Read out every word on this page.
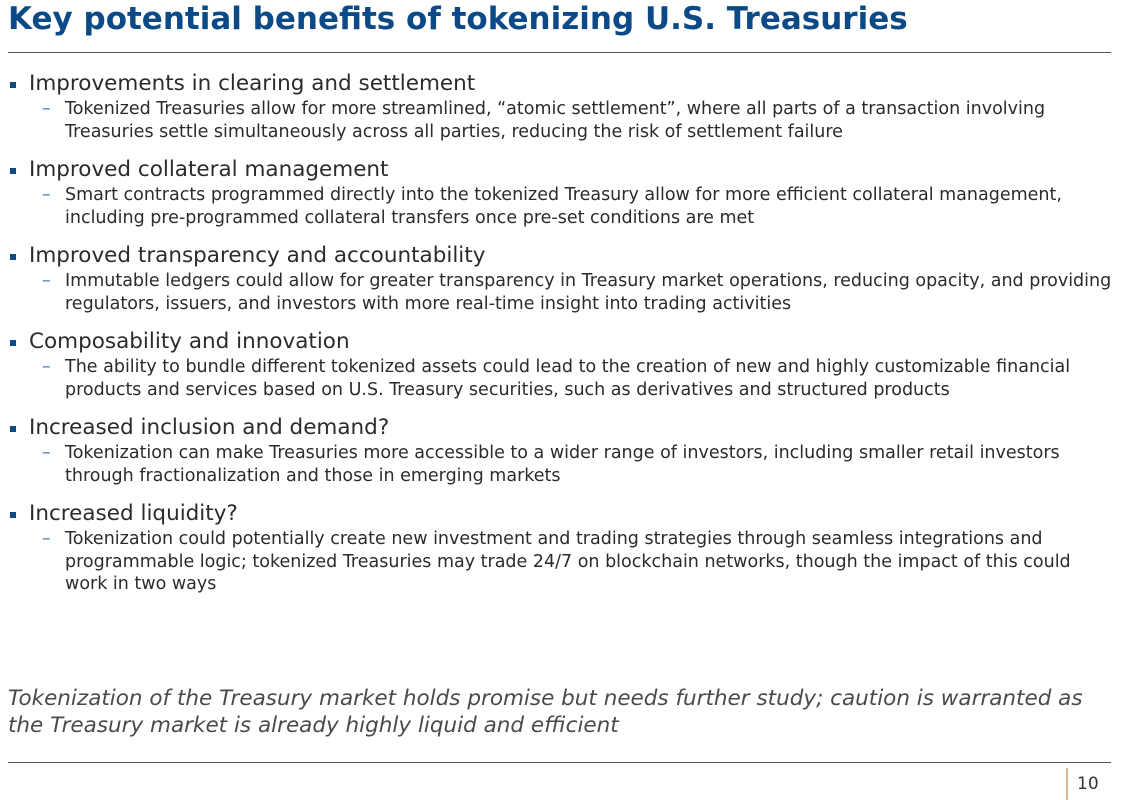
Key potential benefits of tokenizing U.S. Treasuries
Improvements in clearing and settlement
– Tokenized Treasuries allow for more streamlined, “atomic settlement”, where all parts of a transaction involving Treasuries settle simultaneously across all parties, reducing the risk of settlement failure
Improved collateral management
– Smart contracts programmed directly into the tokenized Treasury allow for more efficient collateral management, including pre-programmed collateral transfers once pre-set conditions are met
Improved transparency and accountability
– Immutable ledgers could allow for greater transparency in Treasury market operations, reducing opacity, and providing regulators, issuers, and investors with more real-time insight into trading activities
Composability and innovation
– The ability to bundle different tokenized assets could lead to the creation of new and highly customizable financial products and services based on U.S. Treasury securities, such as derivatives and structured products
Increased inclusion and demand?
– Tokenization can make Treasuries more accessible to a wider range of investors, including smaller retail investors through fractionalization and those in emerging markets
Increased liquidity?
– Tokenization could potentially create new investment and trading strategies through seamless integrations and programmable logic; tokenized Treasuries may trade 24/7 on blockchain networks, though the impact of this could work in two ways

Tokenization of the Treasury market holds promise but needs further study; caution is warranted as the Treasury market is already highly liquid and efficient

10
